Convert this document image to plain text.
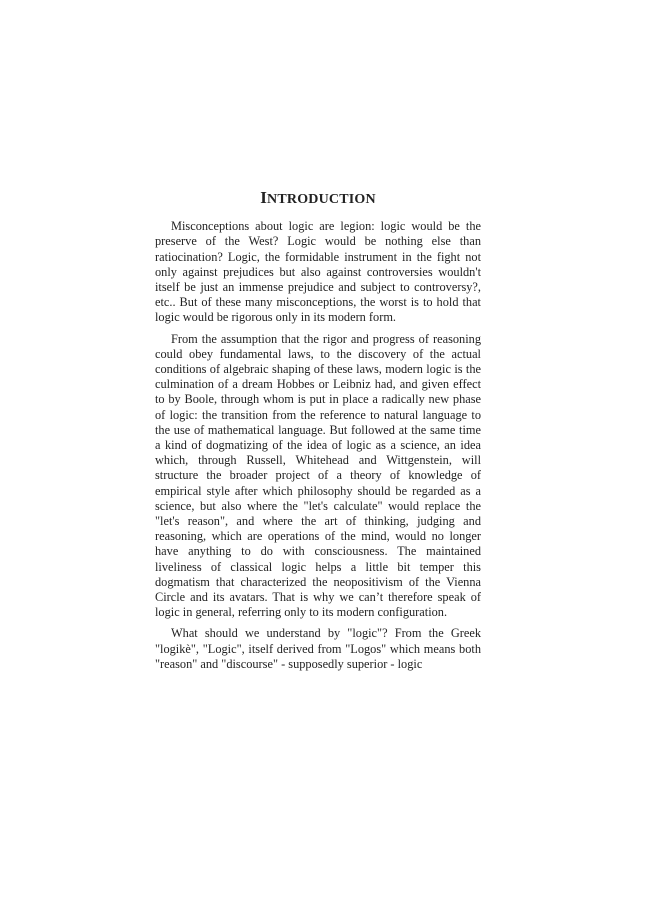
INTRODUCTION

Misconceptions about logic are legion: logic would be the preserve of the West? Logic would be nothing else than ratiocination? Logic, the formidable instrument in the fight not only against prejudices but also against controversies wouldn't itself be just an immense prejudice and subject to controversy?, etc.. But of these many misconceptions, the worst is to hold that logic would be rigorous only in its modern form.

From the assumption that the rigor and progress of reasoning could obey fundamental laws, to the discovery of the actual conditions of algebraic shaping of these laws, modern logic is the culmination of a dream Hobbes or Leibniz had, and given effect to by Boole, through whom is put in place a radically new phase of logic: the transition from the reference to natural language to the use of mathematical language. But followed at the same time a kind of dogmatizing of the idea of logic as a science, an idea which, through Russell, Whitehead and Wittgenstein, will structure the broader project of a theory of knowledge of empirical style after which philosophy should be regarded as a science, but also where the "let's calculate" would replace the "let's reason", and where the art of thinking, judging and reasoning, which are operations of the mind, would no longer have anything to do with consciousness. The maintained liveliness of classical logic helps a little bit temper this dogmatism that characterized the neopositivism of the Vienna Circle and its avatars. That is why we can’t therefore speak of logic in general, referring only to its modern configuration.

What should we understand by "logic"? From the Greek "logikè", "Logic", itself derived from "Logos" which means both "reason" and "discourse" - supposedly superior - logic
